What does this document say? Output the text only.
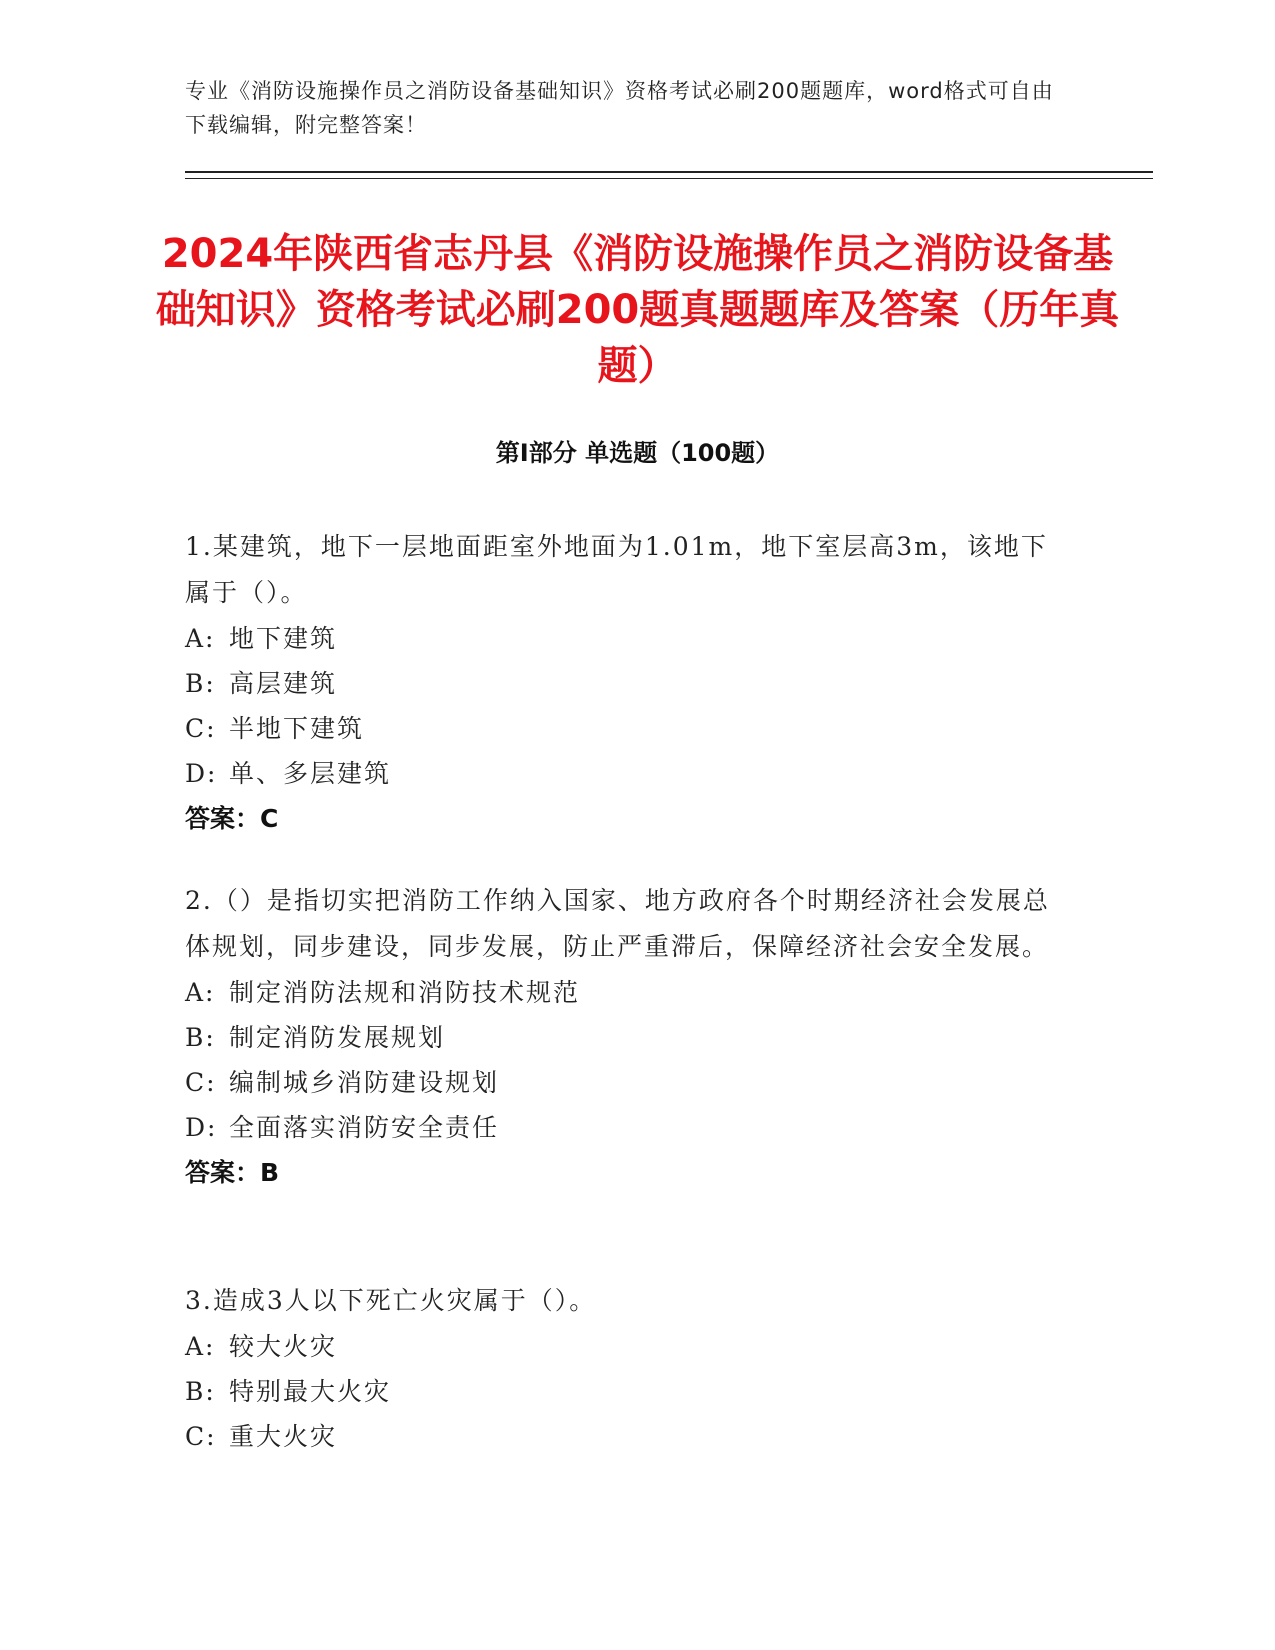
专业《消防设施操作员之消防设备基础知识》资格考试必刷200题题库，word格式可自由下载编辑，附完整答案！
2024年陕西省志丹县《消防设施操作员之消防设备基础知识》资格考试必刷200题真题题库及答案（历年真题）
第I部分 单选题（100题）
1.某建筑，地下一层地面距室外地面为1.01m，地下室层高3m，该地下属于（）。
A: 地下建筑
B: 高层建筑
C: 半地下建筑
D: 单、多层建筑
答案：C
2.（）是指切实把消防工作纳入国家、地方政府各个时期经济社会发展总体规划，同步建设，同步发展，防止严重滞后，保障经济社会安全发展。
A: 制定消防法规和消防技术规范
B: 制定消防发展规划
C: 编制城乡消防建设规划
D: 全面落实消防安全责任
答案：B
3.造成3人以下死亡火灾属于（）。
A: 较大火灾
B: 特别最大火灾
C: 重大火灾
